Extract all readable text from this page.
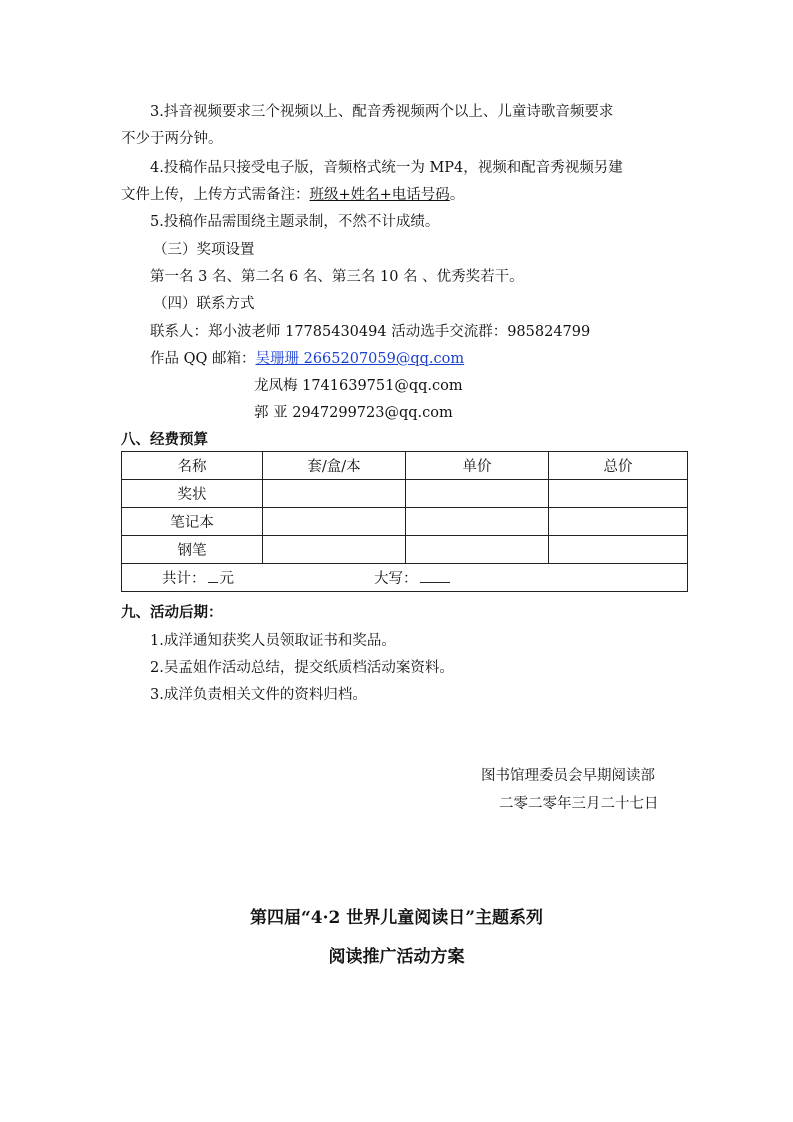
3.抖音视频要求三个视频以上、配音秀视频两个以上、儿童诗歌音频要求
不少于两分钟。
4.投稿作品只接受电子版，音频格式统一为 MP4，视频和配音秀视频另建
文件上传，上传方式需备注：班级+姓名+电话号码。
5.投稿作品需围绕主题录制，不然不计成绩。
（三）奖项设置
第一名 3 名、第二名 6 名、第三名 10 名 、优秀奖若干。
（四）联系方式
联系人：郑小波老师 17785430494 活动选手交流群：985824799
作品 QQ 邮箱：吴珊珊 2665207059@qq.com
龙凤梅 1741639751@qq.com
郭 亚 2947299723@qq.com
八、经费预算
名称	套/盒/本	单价	总价
奖状			
笔记本			
钢笔			
共计： 元 大写：			
九、活动后期：
1.成洋通知获奖人员领取证书和奖品。
2.吴孟姐作活动总结，提交纸质档活动案资料。
3.成洋负责相关文件的资料归档。
图书馆理委员会早期阅读部
二零二零年三月二十七日
第四届“4·2 世界儿童阅读日”主题系列
阅读推广活动方案
